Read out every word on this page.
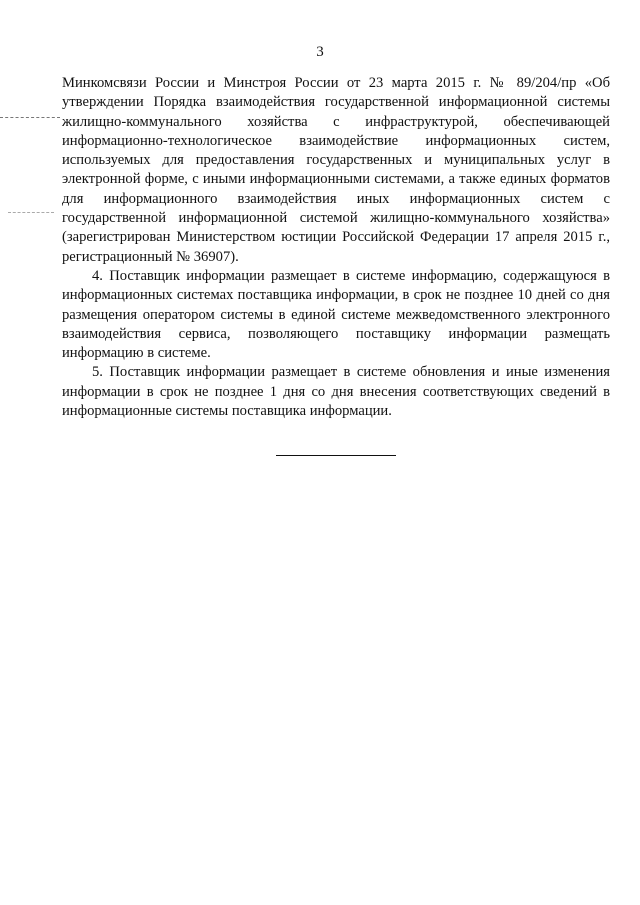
3

Минкомсвязи России и Минстроя России от 23 марта 2015 г. № 89/204/пр «Об утверждении Порядка взаимодействия государственной информационной системы жилищно-коммунального хозяйства с инфраструктурой, обеспечивающей информационно-технологическое взаимодействие информационных систем, используемых для предоставления государственных и муниципальных услуг в электронной форме, с иными информационными системами, а также единых форматов для информационного взаимодействия иных информационных систем с государственной информационной системой жилищно-коммунального хозяйства» (зарегистрирован Министерством юстиции Российской Федерации 17 апреля 2015 г., регистрационный № 36907).

4. Поставщик информации размещает в системе информацию, содержащуюся в информационных системах поставщика информации, в срок не позднее 10 дней со дня размещения оператором системы в единой системе межведомственного электронного взаимодействия сервиса, позволяющего поставщику информации размещать информацию в системе.

5. Поставщик информации размещает в системе обновления и иные изменения информации в срок не позднее 1 дня со дня внесения соответствующих сведений в информационные системы поставщика информации.
